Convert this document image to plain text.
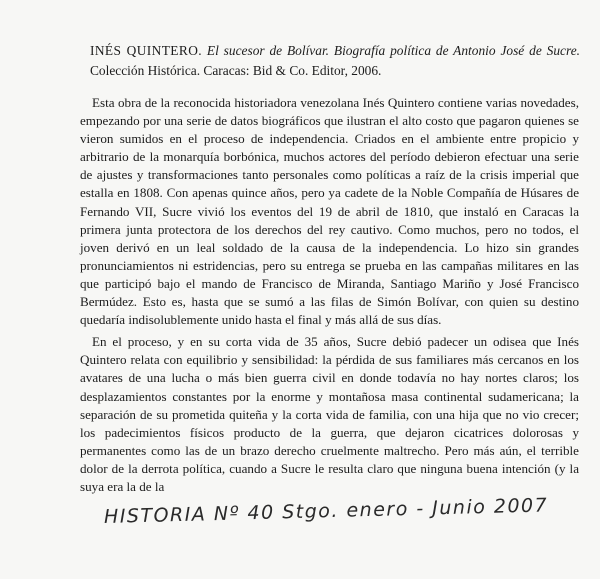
INÉS QUINTERO. El sucesor de Bolívar. Biografía política de Antonio José de Sucre. Colección Histórica. Caracas: Bid & Co. Editor, 2006.

Esta obra de la reconocida historiadora venezolana Inés Quintero contiene varias novedades, empezando por una serie de datos biográficos que ilustran el alto costo que pagaron quienes se vieron sumidos en el proceso de independencia. Criados en el ambiente entre propicio y arbitrario de la monarquía borbónica, muchos actores del período debieron efectuar una serie de ajustes y transformaciones tanto personales como políticas a raíz de la crisis imperial que estalla en 1808. Con apenas quince años, pero ya cadete de la Noble Compañía de Húsares de Fernando VII, Sucre vivió los eventos del 19 de abril de 1810, que instaló en Caracas la primera junta protectora de los derechos del rey cautivo. Como muchos, pero no todos, el joven derivó en un leal soldado de la causa de la independencia. Lo hizo sin grandes pronunciamientos ni estridencias, pero su entrega se prueba en las campañas militares en las que participó bajo el mando de Francisco de Miranda, Santiago Mariño y José Francisco Bermúdez. Esto es, hasta que se sumó a las filas de Simón Bolívar, con quien su destino quedaría indisolublemente unido hasta el final y más allá de sus días.

En el proceso, y en su corta vida de 35 años, Sucre debió padecer un odisea que Inés Quintero relata con equilibrio y sensibilidad: la pérdida de sus familiares más cercanos en los avatares de una lucha o más bien guerra civil en donde todavía no hay nortes claros; los desplazamientos constantes por la enorme y montañosa masa continental sudamericana; la separación de su prometida quiteña y la corta vida de familia, con una hija que no vio crecer; los padecimientos físicos producto de la guerra, que dejaron cicatrices dolorosas y permanentes como las de un brazo derecho cruelmente maltrecho. Pero más aún, el terrible dolor de la derrota política, cuando a Sucre le resulta claro que ninguna buena intención (y la suya era la de la

HISTORIA Nº 40 Stgo. enero - Junio 2007
